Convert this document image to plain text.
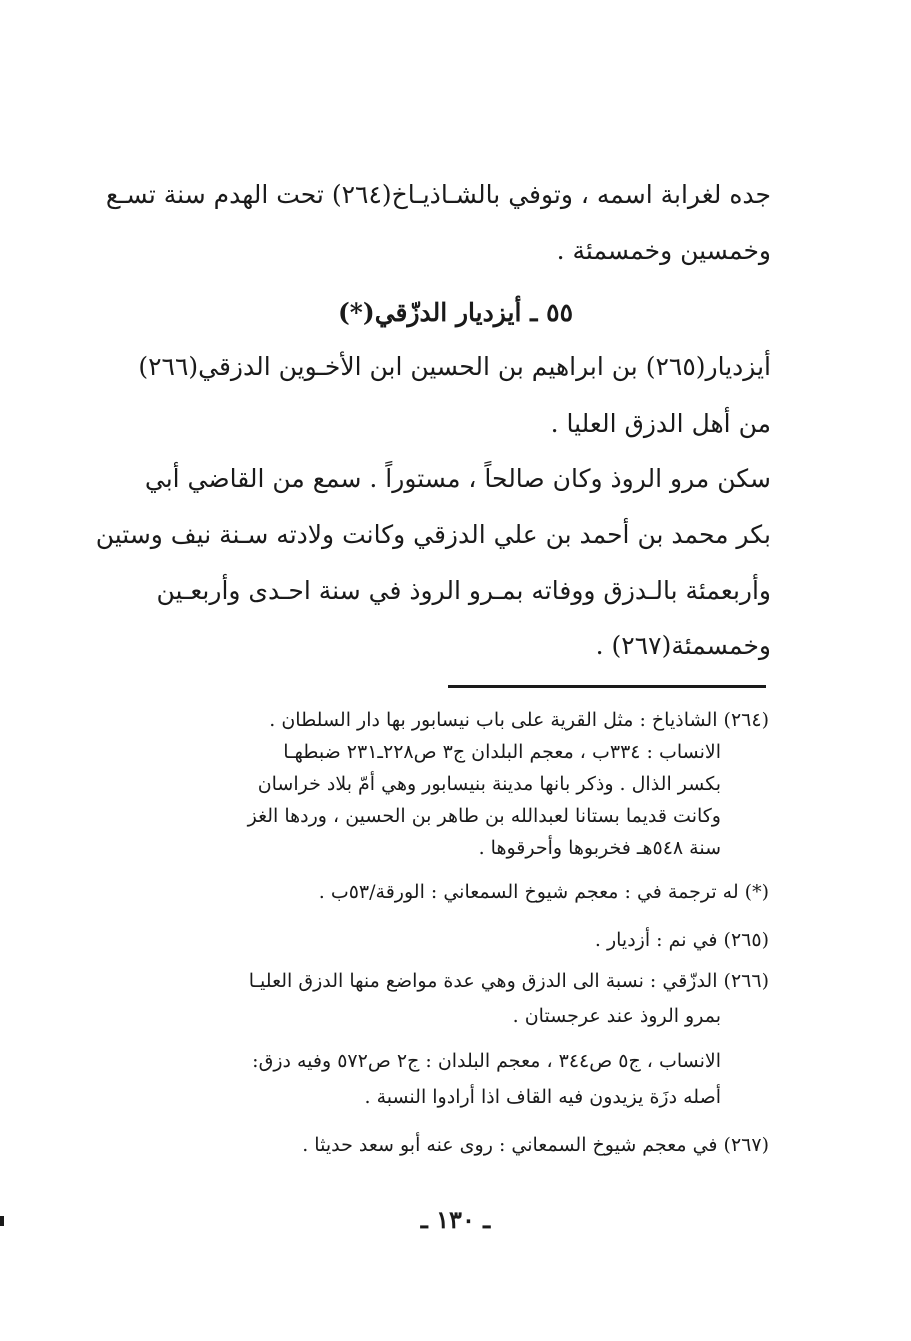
جده لغرابة اسمه ، وتوفي بالشـاذيـاخ(٢٦٤) تحت الهدم سنة تسـع
وخمسين وخمسمئة .
٥٥ ـ أيزديار الدزّقي(*)
أيزديار(٢٦٥) بن ابراهيم بن الحسين ابن الأخـوين الدزقي(٢٦٦)
من أهل الدزق العليا .
سكن مرو الروذ وكان صالحاً ، مستوراً . سمع من القاضي أبي
بكر محمد بن أحمد بن علي الدزقي وكانت ولادته سـنة نيف وستين
وأربعمئة بالـدزق ووفاته بمـرو الروذ في سنة احـدى وأربعـين
وخمسمئة(٢٦٧) .
(٢٦٤) الشاذياخ : مثل القرية على باب نيسابور بها دار السلطان .
الانساب : ٣٣٤ب ، معجم البلدان ج٣ ص٢٢٨ـ٢٣١ ضبطهـا
بكسر الذال . وذكر بانها مدينة بنيسابور وهي أمّ بلاد خراسان
وكانت قديما بستانا لعبدالله بن طاهر بن الحسين ، وردها الغز
سنة ٥٤٨هـ فخربوها وأحرقوها .
(*) له ترجمة في : معجم شيوخ السمعاني : الورقة/٥٣ب .
(٢٦٥) في نم : أزديار .
(٢٦٦) الدزّقي : نسبة الى الدزق وهي عدة مواضع منها الدزق العليـا
بمرو الروذ عند عرجستان .
الانساب ، ج٥ ص٣٤٤ ، معجم البلدان : ج٢ ص٥٧٢ وفيه دزق:
أصله دزَة يزيدون فيه القاف اذا أرادوا النسبة .
(٢٦٧) في معجم شيوخ السمعاني : روى عنه أبو سعد حديثا .
ـ ١٣٠ ـ
